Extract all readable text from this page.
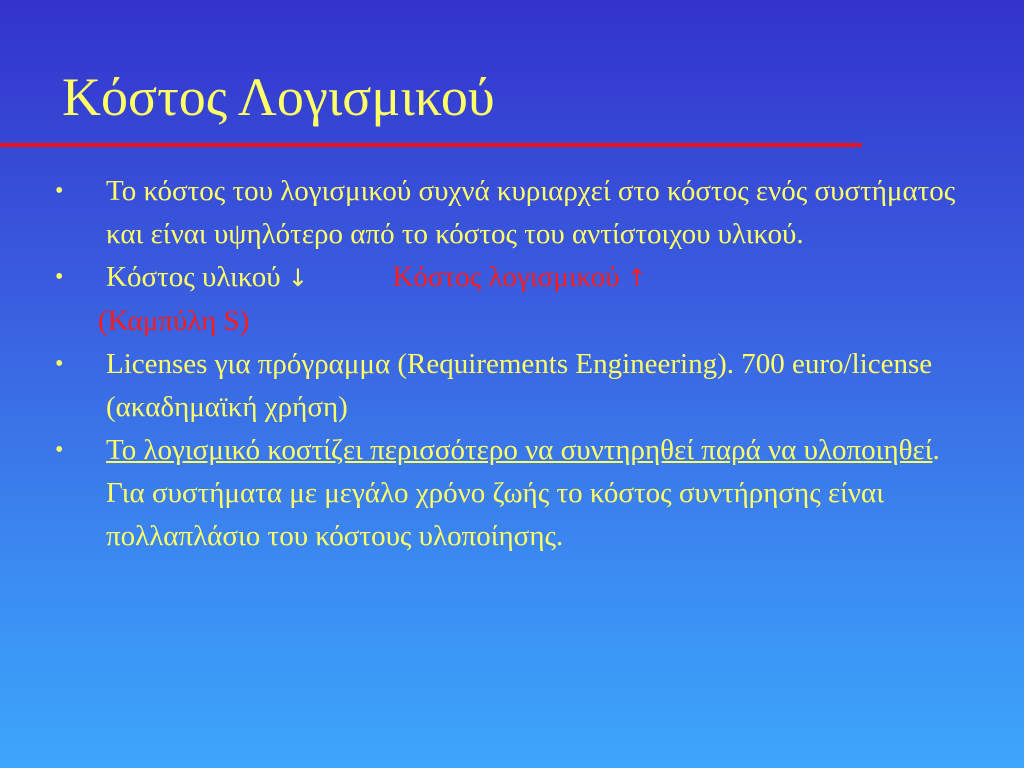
Κόστος Λογισμικού
• Το κόστος του λογισμικού συχνά κυριαρχεί στο κόστος ενός συστήματος και είναι υψηλότερο από το κόστος του αντίστοιχου υλικού.
• Κόστος υλικού ↓	Κόστος λογισμικού ↑
(Καμπύλη S)
• Licenses για πρόγραμμα (Requirements Engineering). 700 euro/license (ακαδημαϊκή χρήση)
• Το λογισμικό κοστίζει περισσότερο να συντηρηθεί παρά να υλοποιηθεί. Για συστήματα με μεγάλο χρόνο ζωής το κόστος συντήρησης είναι πολλαπλάσιο του κόστους υλοποίησης.
